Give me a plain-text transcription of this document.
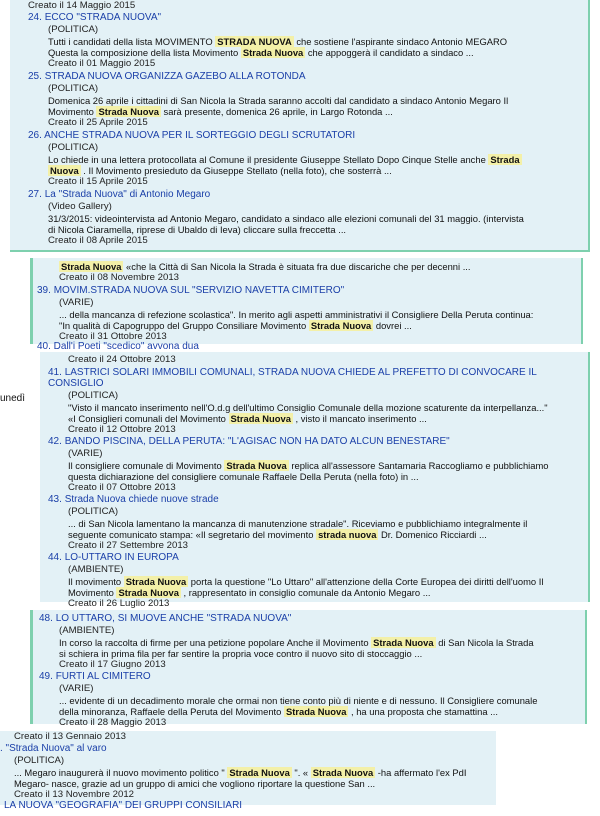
Creato il 14 Maggio 2015
24. ECCO "STRADA NUOVA"
(POLITICA)
Tutti i candidati della lista MOVIMENTO STRADA NUOVA che sostiene l'aspirante sindaco Antonio MEGARO
Questa la composizione della lista Movimento Strada Nuova che appoggerà il candidato a sindaco ...
Creato il 01 Maggio 2015
25. STRADA NUOVA ORGANIZZA GAZEBO ALLA ROTONDA
(POLITICA)
Domenica 26 aprile i cittadini di San Nicola la Strada saranno accolti dal candidato a sindaco Antonio Megaro Il
Movimento Strada Nuova sarà presente, domenica 26 aprile, in Largo Rotonda ...
Creato il 25 Aprile 2015
26. ANCHE STRADA NUOVA PER IL SORTEGGIO DEGLI SCRUTATORI
(POLITICA)
Lo chiede in una lettera protocollata al Comune il presidente Giuseppe Stellato Dopo Cinque Stelle anche Strada
Nuova . Il Movimento presieduto da Giuseppe Stellato (nella foto), che sosterrà ...
Creato il 15 Aprile 2015
27. La "Strada Nuova" di Antonio Megaro
(Video Gallery)
31/3/2015: videointervista ad Antonio Megaro, candidato a sindaco alle elezioni comunali del 31 maggio. (intervista
di Nicola Ciaramella, riprese di Ubaldo di Ieva) cliccare sulla freccetta ...
Creato il 08 Aprile 2015
Strada Nuova «che la Città di San Nicola la Strada è situata fra due discariche che per decenni ...
Creato il 08 Novembre 2013
39. MOVIM.STRADA NUOVA SUL "SERVIZIO NAVETTA CIMITERO"
(VARIE)
... della mancanza di refezione scolastica". In merito agli aspetti amministrativi il Consigliere Della Peruta continua:
"In qualità di Capogruppo del Gruppo Consiliare Movimento Strada Nuova dovrei ...
Creato il 31 Ottobre 2013
40. Dall'i Poeti "scedico" avvona dua
unedì
Creato il 24 Ottobre 2013
41. LASTRICI SOLARI IMMOBILI COMUNALI, STRADA NUOVA CHIEDE AL PREFETTO DI CONVOCARE IL
CONSIGLIO
(POLITICA)
"Visto il mancato inserimento nell'O.d.g dell'ultimo Consiglio Comunale della mozione scaturente da interpellanza..."
«I Consiglieri comunali del Movimento Strada Nuova , visto il mancato inserimento ...
Creato il 12 Ottobre 2013
42. BANDO PISCINA, DELLA PERUTA: "L'AGISAC NON HA DATO ALCUN BENESTARE"
(VARIE)
Il consigliere comunale di Movimento Strada Nuova replica all'assessore Santamaria Raccogliamo e pubblichiamo
questa dichiarazione del consigliere comunale Raffaele Della Peruta (nella foto) in ...
Creato il 07 Ottobre 2013
43. Strada Nuova chiede nuove strade
(POLITICA)
... di San Nicola lamentano la mancanza di manutenzione stradale". Riceviamo e pubblichiamo integralmente il
seguente comunicato stampa: «Il segretario del movimento strada nuova Dr. Domenico Ricciardi ...
Creato il 27 Settembre 2013
44. LO-UTTARO IN EUROPA
(AMBIENTE)
Il movimento Strada Nuova porta la questione "Lo Uttaro" all'attenzione della Corte Europea dei diritti dell'uomo Il
Movimento Strada Nuova , rappresentato in consiglio comunale da Antonio Megaro ...
Creato il 26 Luglio 2013
48. LO UTTARO, SI MUOVE ANCHE "STRADA NUOVA"
(AMBIENTE)
In corso la raccolta di firme per una petizione popolare Anche il Movimento Strada Nuova di San Nicola la Strada
si schiera in prima fila per far sentire la propria voce contro il nuovo sito di stoccaggio ...
Creato il 17 Giugno 2013
49. FURTI AL CIMITERO
(VARIE)
... evidente di un decadimento morale che ormai non tiene conto più di niente e di nessuno. Il Consigliere comunale
della minoranza, Raffaele della Peruta del Movimento Strada Nuova , ha una proposta che stamattina ...
Creato il 28 Maggio 2013
Creato il 13 Gennaio 2013
. "Strada Nuova" al varo
(POLITICA)
... Megaro inaugurerà il nuovo movimento politico " Strada Nuova ". « Strada Nuova -ha affermato l'ex PdI
Megaro- nasce, grazie ad un gruppo di amici che vogliono riportare la questione San ...
Creato il 13 Novembre 2012
LA NUOVA "GEOGRAFIA" DEI GRUPPI CONSILIARI
